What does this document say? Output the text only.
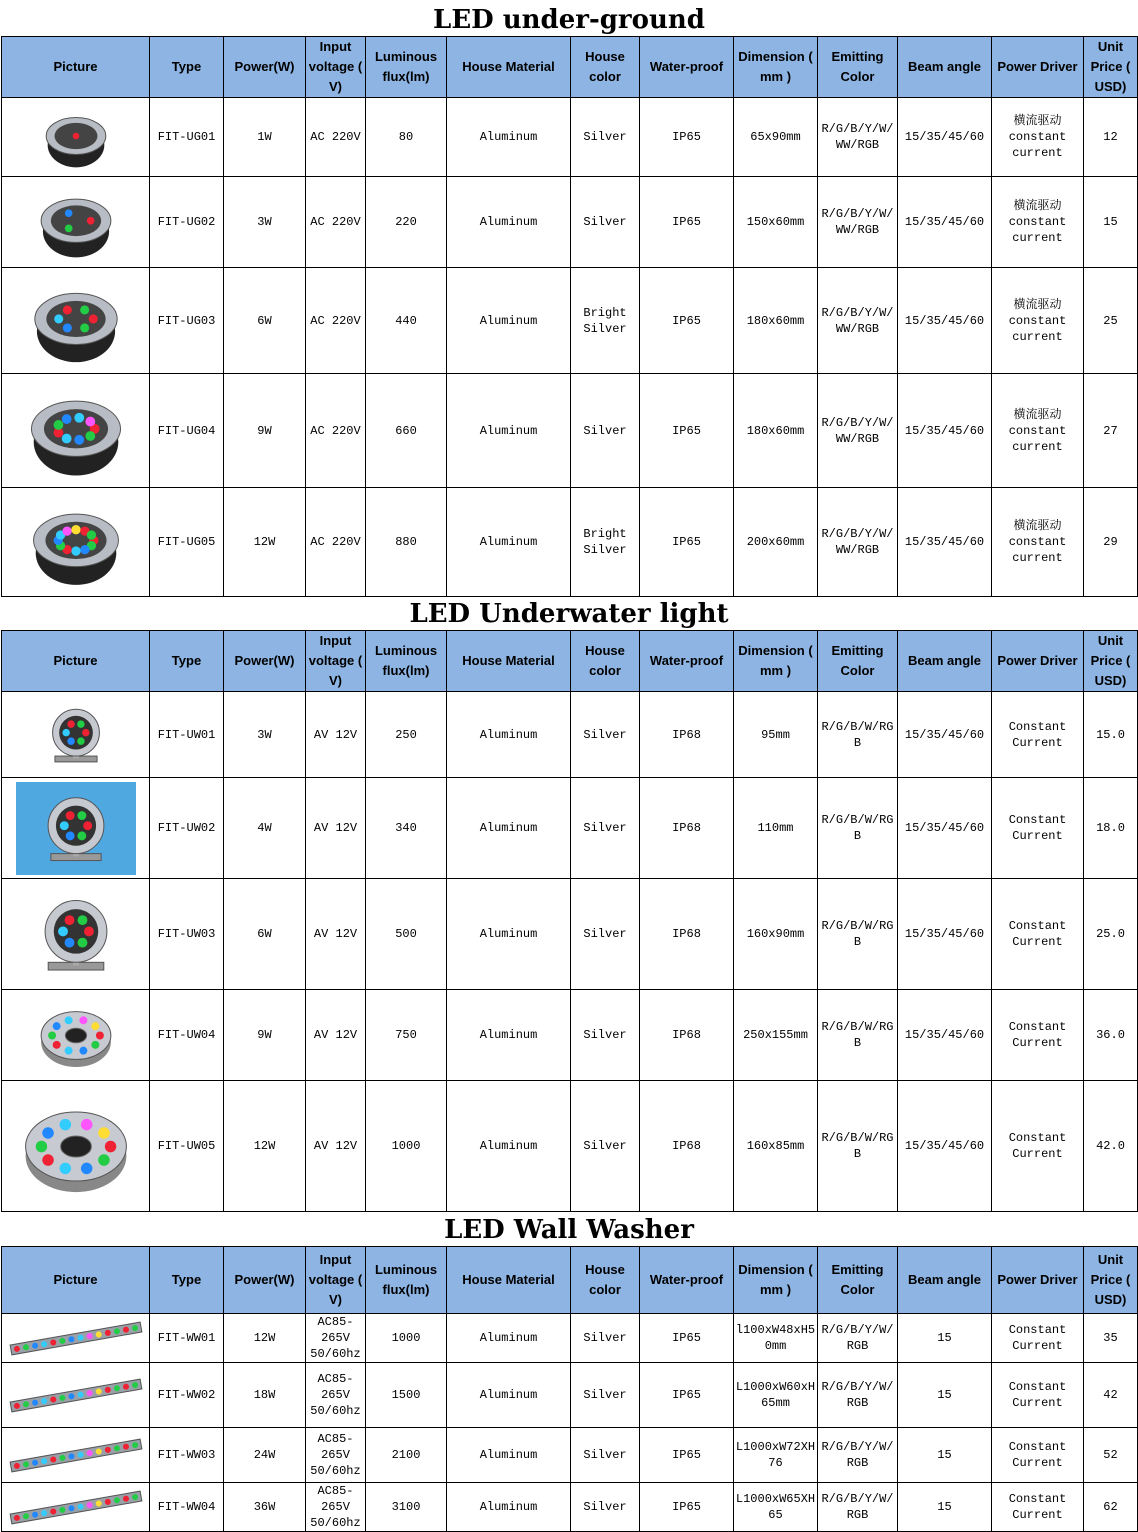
LED under-ground
Picture	Type	Power(W)	Input voltage ( V)	Luminous flux(lm)	House Material	House color	Water-proof	Dimension ( mm )	Emitting Color	Beam angle	Power Driver	Unit Price ( USD)

FIT-UG01	1W	AC 220V	80	Aluminum	Silver	IP65	65x90mm	R/G/B/Y/W/
WW/RGB	15/35/45/60	横流驱动
constant
current	12

FIT-UG02	3W	AC 220V	220	Aluminum	Silver	IP65	150x60mm	R/G/B/Y/W/
WW/RGB	15/35/45/60	横流驱动
constant
current	15

FIT-UG03	6W	AC 220V	440	Aluminum	Bright
Silver	IP65	180x60mm	R/G/B/Y/W/
WW/RGB	15/35/45/60	横流驱动
constant
current	25

FIT-UG04	9W	AC 220V	660	Aluminum	Silver	IP65	180x60mm	R/G/B/Y/W/
WW/RGB	15/35/45/60	横流驱动
constant
current	27

FIT-UG05	12W	AC 220V	880	Aluminum	Bright
Silver	IP65	200x60mm	R/G/B/Y/W/
WW/RGB	15/35/45/60	横流驱动
constant
current	29
LED Underwater light
Picture	Type	Power(W)	Input voltage ( V)	Luminous flux(lm)	House Material	House color	Water-proof	Dimension ( mm )	Emitting Color	Beam angle	Power Driver	Unit Price ( USD)

FIT-UW01	3W	AV 12V	250	Aluminum	Silver	IP68	95mm	R/G/B/W/RG
B	15/35/45/60	Constant
Current	15.0

FIT-UW02	4W	AV 12V	340	Aluminum	Silver	IP68	110mm	R/G/B/W/RG
B	15/35/45/60	Constant
Current	18.0

FIT-UW03	6W	AV 12V	500	Aluminum	Silver	IP68	160x90mm	R/G/B/W/RG
B	15/35/45/60	Constant
Current	25.0

FIT-UW04	9W	AV 12V	750	Aluminum	Silver	IP68	250x155mm	R/G/B/W/RG
B	15/35/45/60	Constant
Current	36.0

FIT-UW05	12W	AV 12V	1000	Aluminum	Silver	IP68	160x85mm	R/G/B/W/RG
B	15/35/45/60	Constant
Current	42.0
LED Wall Washer
Picture	Type	Power(W)	Input voltage ( V)	Luminous flux(lm)	House Material	House color	Water-proof	Dimension ( mm )	Emitting Color	Beam angle	Power Driver	Unit Price ( USD)

FIT-WW01	12W	AC85-
265V
50/60hz	1000	Aluminum	Silver	IP65	l100xW48xH5
0mm	R/G/B/Y/W/
RGB	15	Constant
Current	35

FIT-WW02	18W	AC85-
265V
50/60hz	1500	Aluminum	Silver	IP65	L1000xW60xH
65mm	R/G/B/Y/W/
RGB	15	Constant
Current	42

FIT-WW03	24W	AC85-
265V
50/60hz	2100	Aluminum	Silver	IP65	L1000xW72XH
76	R/G/B/Y/W/
RGB	15	Constant
Current	52

FIT-WW04	36W	AC85-
265V
50/60hz	3100	Aluminum	Silver	IP65	L1000xW65XH
65	R/G/B/Y/W/
RGB	15	Constant
Current	62
